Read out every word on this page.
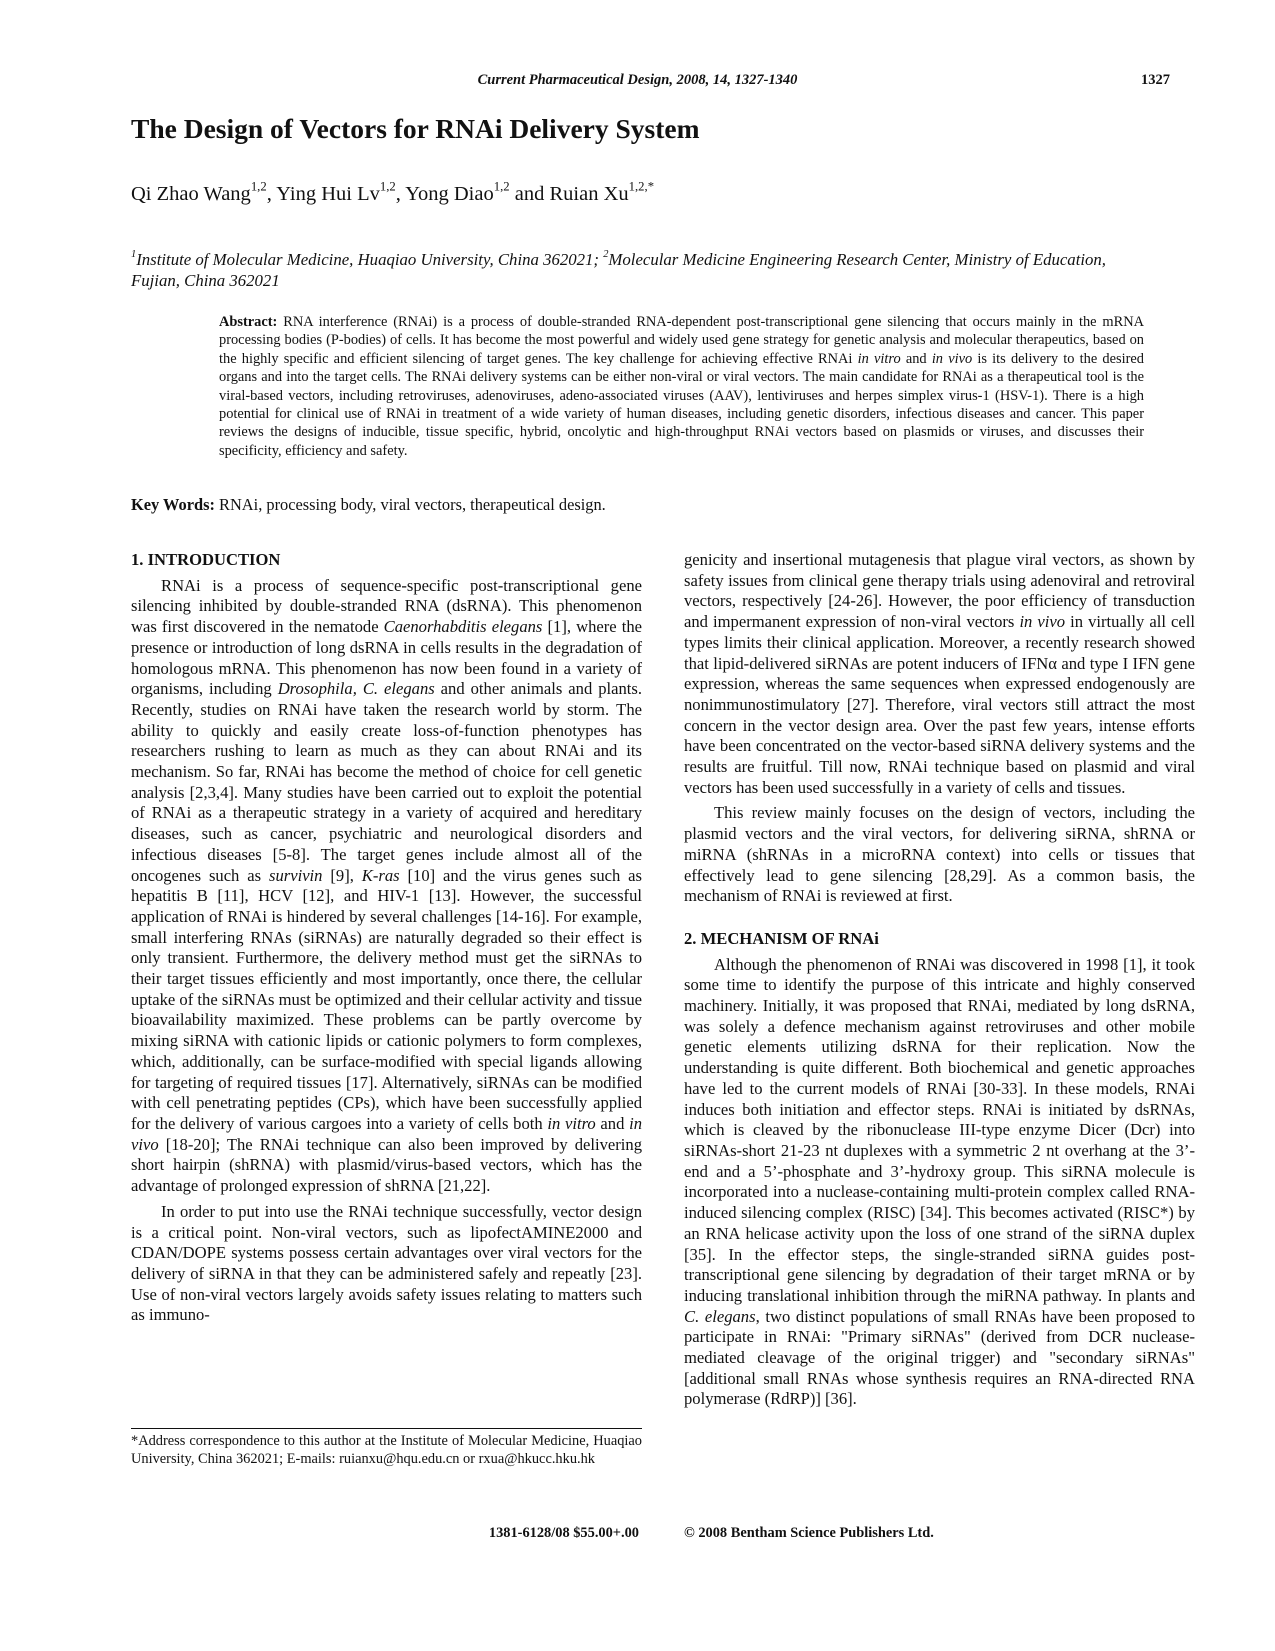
Current Pharmaceutical Design, 2008, 14, 1327-1340	1327
The Design of Vectors for RNAi Delivery System
Qi Zhao Wang$^{1,2}$, Ying Hui Lv$^{1,2}$, Yong Diao$^{1,2}$ and Ruian $Xu^{1,2,*}$
$^1$Institute of Molecular Medicine, Huaqiao University, China 362021; $^2$Molecular Medicine Engineering Research Center, Ministry of Education, Fujian, China 362021
Abstract: RNA interference (RNAi) is a process of double-stranded RNA-dependent post-transcriptional gene silencing that occurs mainly in the mRNA processing bodies (P-bodies) of cells. It has become the most powerful and widely used gene strategy for genetic analysis and molecular therapeutics, based on the highly specific and efficient silencing of target genes. The key challenge for achieving effective RNAi in vitro and in vivo is its delivery to the desired organs and into the target cells. The RNAi delivery systems can be either non-viral or viral vectors. The main candidate for RNAi as a therapeutical tool is the viral-based vectors, including retroviruses, adenoviruses, adeno-associated viruses (AAV), lentiviruses and herpes simplex virus-1 (HSV-1). There is a high potential for clinical use of RNAi in treatment of a wide variety of human diseases, including genetic disorders, infectious diseases and cancer. This paper reviews the designs of inducible, tissue specific, hybrid, oncolytic and high-throughput RNAi vectors based on plasmids or viruses, and discusses their specificity, efficiency and safety.
Key Words: RNAi, processing body, viral vectors, therapeutical design.
1. INTRODUCTION

RNAi is a process of sequence-specific post-transcriptional gene silencing inhibited by double-stranded RNA (dsRNA). This phenomenon was first discovered in the nematode Caenorhabditis elegans [1], where the presence or introduction of long dsRNA in cells results in the degradation of homologous mRNA. This phenomenon has now been found in a variety of organisms, including Drosophila, C. elegans and other animals and plants. Recently, studies on RNAi have taken the research world by storm. The ability to quickly and easily create loss-of-function phenotypes has researchers rushing to learn as much as they can about RNAi and its mechanism. So far, RNAi has become the method of choice for cell genetic analysis [2,3,4]. Many studies have been carried out to exploit the potential of RNAi as a therapeutic strategy in a variety of acquired and hereditary diseases, such as cancer, psychiatric and neurological disorders and infectious diseases [5-8]. The target genes include almost all of the oncogenes such as survivin [9], K-ras [10] and the virus genes such as hepatitis B [11], HCV [12], and HIV-1 [13]. However, the successful application of RNAi is hindered by several challenges [14-16]. For example, small interfering RNAs (siRNAs) are naturally degraded so their effect is only transient. Furthermore, the delivery method must get the siRNAs to their target tissues efficiently and most importantly, once there, the cellular uptake of the siRNAs must be optimized and their cellular activity and tissue bioavailability maximized. These problems can be partly overcome by mixing siRNA with cationic lipids or cationic polymers to form complexes, which, additionally, can be surface-modified with special ligands allowing for targeting of required tissues [17]. Alternatively, siRNAs can be modified with cell penetrating peptides (CPs), which have been successfully applied for the delivery of various cargoes into a variety of cells both in vitro and in vivo [18-20]; The RNAi technique can also been improved by delivering short hairpin (shRNA) with plasmid/virus-based vectors, which has the advantage of prolonged expression of shRNA [21,22].

In order to put into use the RNAi technique successfully, vector design is a critical point. Non-viral vectors, such as lipofectAMINE2000 and CDAN/DOPE systems possess certain advantages over viral vectors for the delivery of siRNA in that they can be administered safely and repeatly [23]. Use of non-viral vectors largely avoids safety issues relating to matters such as immuno-

genicity and insertional mutagenesis that plague viral vectors, as shown by safety issues from clinical gene therapy trials using adenoviral and retroviral vectors, respectively [24-26]. However, the poor efficiency of transduction and impermanent expression of non-viral vectors in vivo in virtually all cell types limits their clinical application. Moreover, a recently research showed that lipid-delivered siRNAs are potent inducers of IFNα and type I IFN gene expression, whereas the same sequences when expressed endogenously are nonimmunostimulatory [27]. Therefore, viral vectors still attract the most concern in the vector design area. Over the past few years, intense efforts have been concentrated on the vector-based siRNA delivery systems and the results are fruitful. Till now, RNAi technique based on plasmid and viral vectors has been used successfully in a variety of cells and tissues.

This review mainly focuses on the design of vectors, including the plasmid vectors and the viral vectors, for delivering siRNA, shRNA or miRNA (shRNAs in a microRNA context) into cells or tissues that effectively lead to gene silencing [28,29]. As a common basis, the mechanism of RNAi is reviewed at first.

2. MECHANISM OF RNAi

Although the phenomenon of RNAi was discovered in 1998 [1], it took some time to identify the purpose of this intricate and highly conserved machinery. Initially, it was proposed that RNAi, mediated by long dsRNA, was solely a defence mechanism against retroviruses and other mobile genetic elements utilizing dsRNA for their replication. Now the understanding is quite different. Both biochemical and genetic approaches have led to the current models of RNAi [30-33]. In these models, RNAi induces both initiation and effector steps. RNAi is initiated by dsRNAs, which is cleaved by the ribonuclease III-type enzyme Dicer (Dcr) into siRNAs-short 21-23 nt duplexes with a symmetric 2 nt overhang at the 3’-end and a 5’-phosphate and 3’-hydroxy group. This siRNA molecule is incorporated into a nuclease-containing multi-protein complex called RNA-induced silencing complex (RISC) [34]. This becomes activated (RISC*) by an RNA helicase activity upon the loss of one strand of the siRNA duplex [35]. In the effector steps, the single-stranded siRNA guides post-transcriptional gene silencing by degradation of their target mRNA or by inducing translational inhibition through the miRNA pathway. In plants and C. elegans, two distinct populations of small RNAs have been proposed to participate in RNAi: "Primary siRNAs" (derived from DCR nuclease-mediated cleavage of the original trigger) and "secondary siRNAs" [additional small RNAs whose synthesis requires an RNA-directed RNA polymerase (RdRP)] [36].

*Address correspondence to this author at the Institute of Molecular Medicine, Huaqiao University, China 362021; E-mails: ruianxu@hqu.edu.cn or rxua@hkucc.hku.hk
1381-6128/08 $55.00+.00	© 2008 Bentham Science Publishers Ltd.
